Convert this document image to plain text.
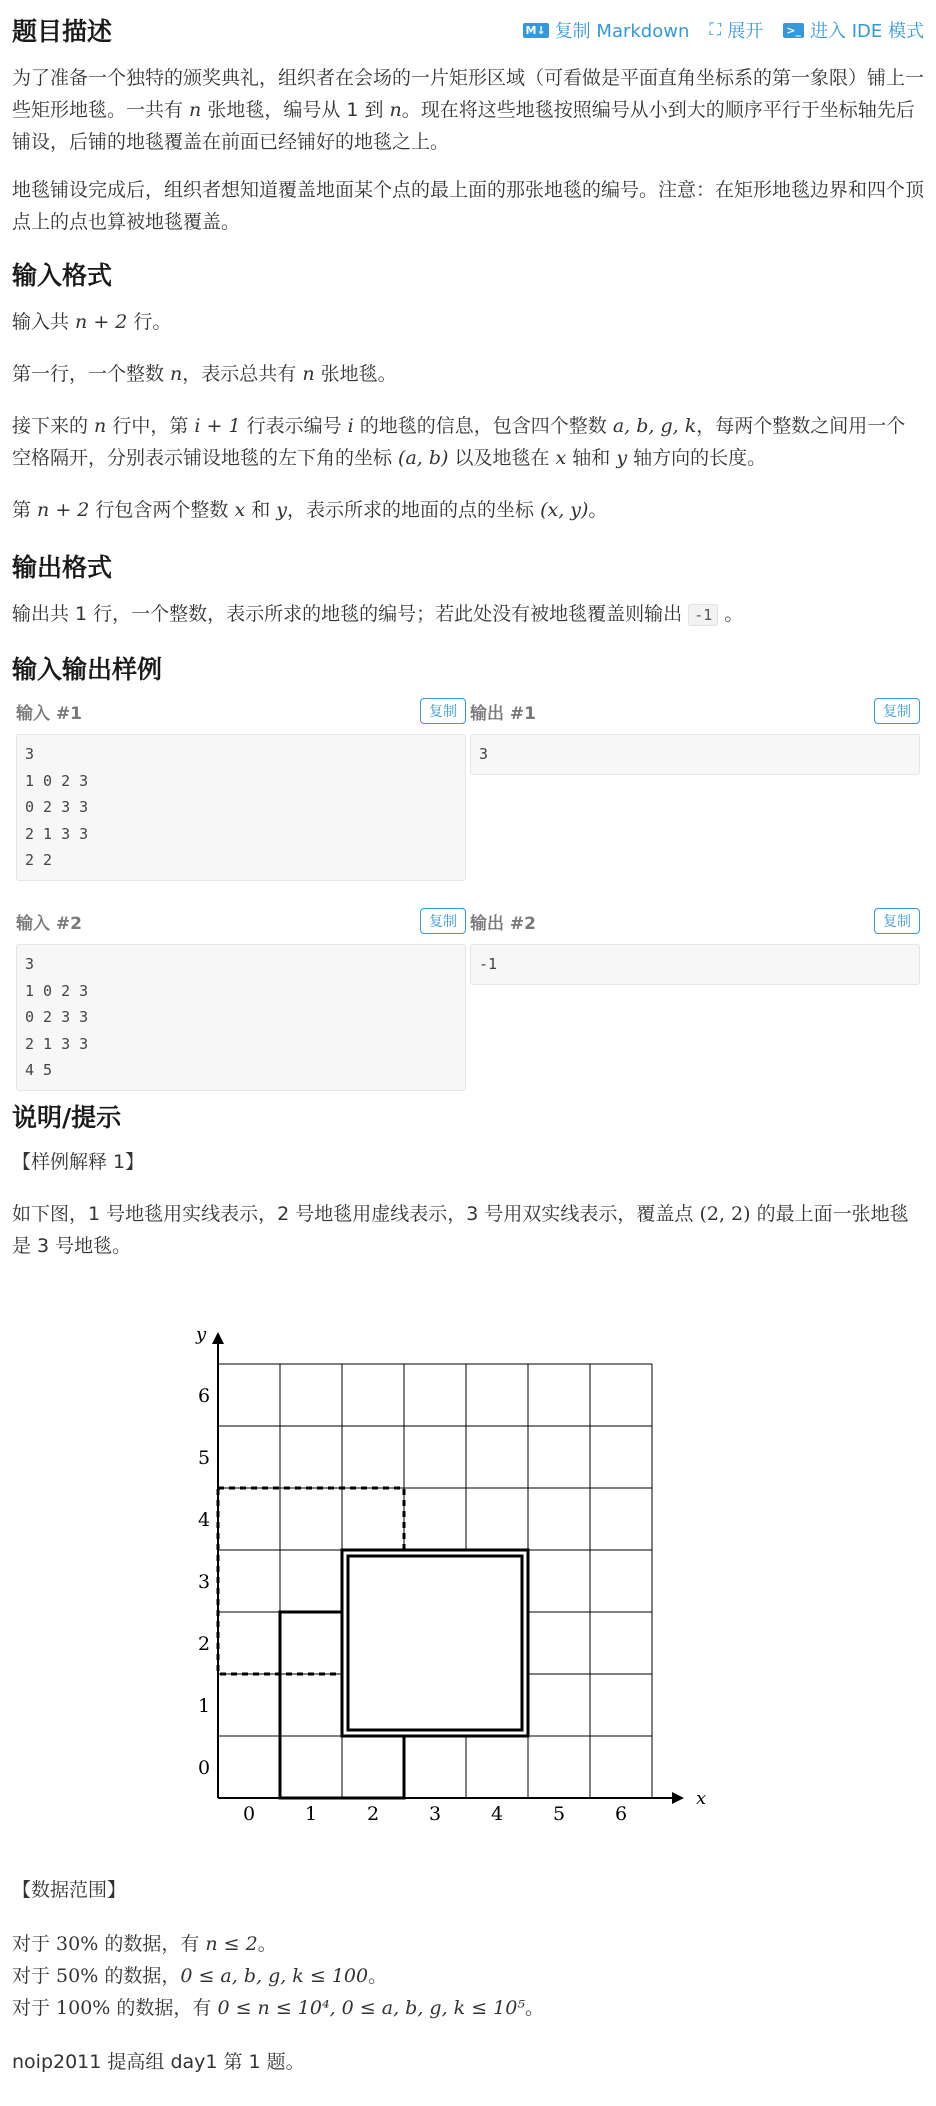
题目描述	M↓ 复制 Markdown ⛶ 展开 >_ 进入 IDE 模式
为了准备一个独特的颁奖典礼，组织者在会场的一片矩形区域（可看做是平面直角坐标系的第一象限）铺上一些矩形地毯。一共有 n 张地毯，编号从 1 到 n。现在将这些地毯按照编号从小到大的顺序平行于坐标轴先后铺设，后铺的地毯覆盖在前面已经铺好的地毯之上。
地毯铺设完成后，组织者想知道覆盖地面某个点的最上面的那张地毯的编号。注意：在矩形地毯边界和四个顶点上的点也算被地毯覆盖。
输入格式
输入共 n + 2 行。
第一行，一个整数 n，表示总共有 n 张地毯。
接下来的 n 行中，第 i + 1 行表示编号 i 的地毯的信息，包含四个整数 a, b, g, k，每两个整数之间用一个空格隔开，分别表示铺设地毯的左下角的坐标 (a, b) 以及地毯在 x 轴和 y 轴方向的长度。
第 n + 2 行包含两个整数 x 和 y，表示所求的地面的点的坐标 (x, y)。
输出格式
输出共 1 行，一个整数，表示所求的地毯的编号；若此处没有被地毯覆盖则输出 -1 。
输入输出样例
输入 #1	复制
3
1 0 2 3
0 2 3 3
2 1 3 3
2 2
输出 #1	复制
3
输入 #2	复制
3
1 0 2 3
0 2 3 3
2 1 3 3
4 5
输出 #2	复制
-1
说明/提示
【样例解释 1】
如下图，1 号地毯用实线表示，2 号地毯用虚线表示，3 号用双实线表示，覆盖点 (2, 2) 的最上面一张地毯是 3 号地毯。
0	1	2	3	4	5	6
0
1
2
3
4
5
6
x
y
【数据范围】
对于 30% 的数据，有 n ≤ 2。
对于 50% 的数据，0 ≤ a, b, g, k ≤ 100。
对于 100% 的数据，有 0 ≤ n ≤ 10⁴, 0 ≤ a, b, g, k ≤ 10⁵。
noip2011 提高组 day1 第 1 题。
